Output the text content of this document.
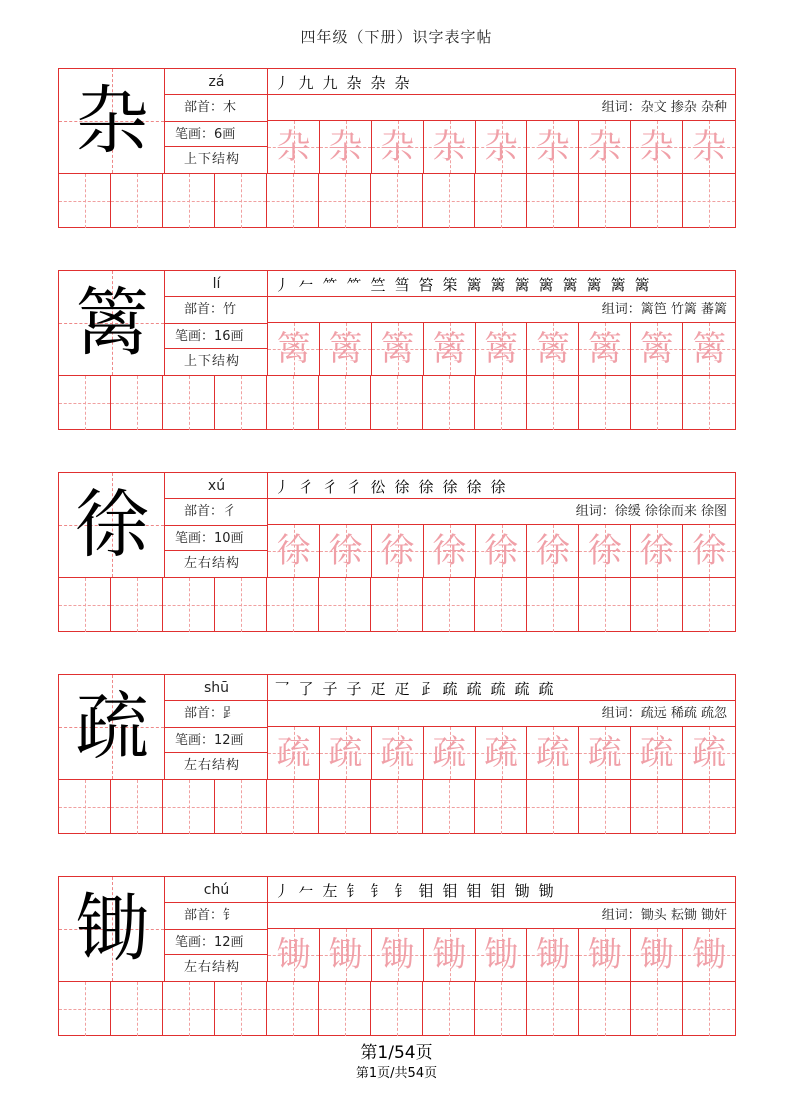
四年级（下册）识字表字帖
杂	zá
部首：木
笔画：6画
上下结构
丿 九 九 杂 杂 杂
组词：杂文 掺杂 杂种
杂 杂 杂 杂 杂 杂 杂 杂 杂
篱	lí
部首：竹
笔画：16画
上下结构
丿 𠂉 ⺮ ⺮ 竺 筜 笞 筞 篱 篱 篱 篱 篱 篱 篱 篱
组词：篱笆 竹篱 蕃篱
篱 篱 篱 篱 篱 篱 篱 篱 篱
徐	xú
部首：彳
笔画：10画
左右结构
丿 彳 彳 彳 彸 徐 徐 徐 徐 徐
组词：徐缓 徐徐而来 徐图
徐 徐 徐 徐 徐 徐 徐 徐 徐
疏	shū
部首：𧾷
笔画：12画
左右结构
乛 了 子 子 疋 疋 𤴔 疏 疏 疏 疏 疏
组词：疏远 稀疏 疏忽
疏 疏 疏 疏 疏 疏 疏 疏 疏
锄	chú
部首：钅
笔画：12画
左右结构
丿 𠂉 左 钅 钅 钅 钼 钼 钼 钼 锄 锄
组词：锄头 耘锄 锄奸
锄 锄 锄 锄 锄 锄 锄 锄 锄
第1/54页
第1页/共54页
